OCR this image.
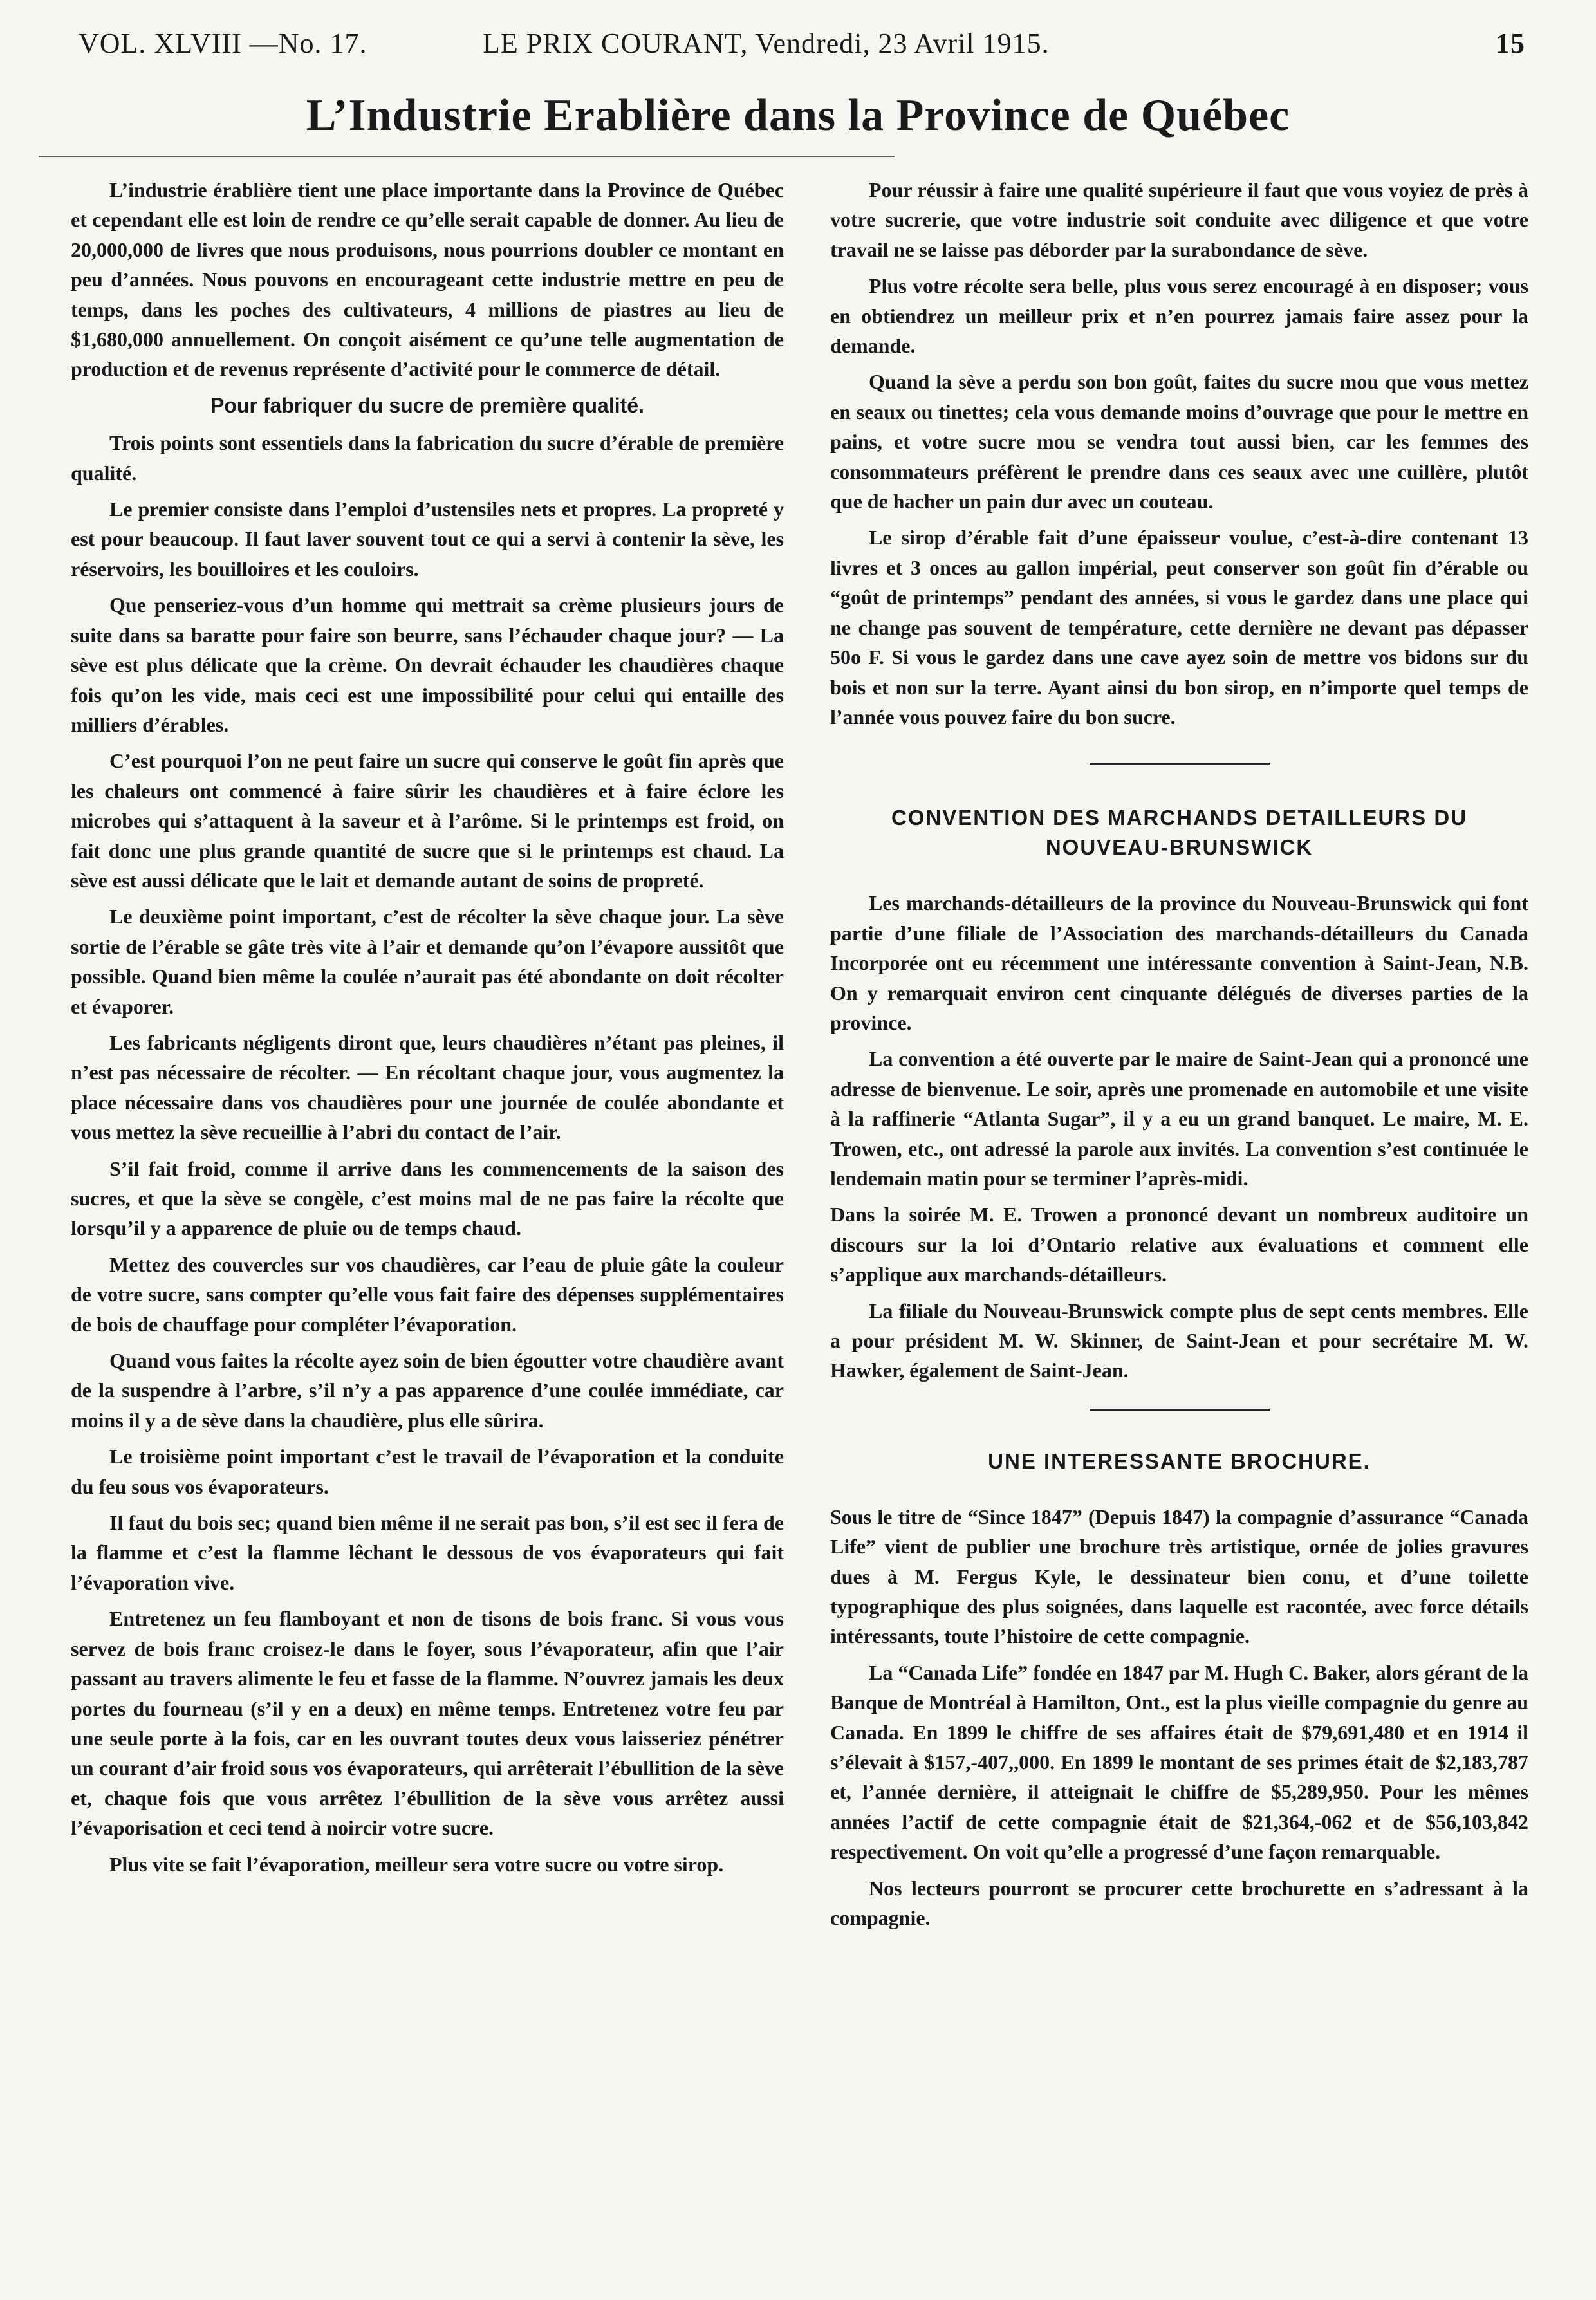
VOL. XLVIII —No. 17.	LE PRIX COURANT, Vendredi, 23 Avril 1915.	15
L’Industrie Erablière dans la Province de Québec

L’industrie érablière tient une place importante dans la Province de Québec et cependant elle est loin de rendre ce qu’elle serait capable de donner. Au lieu de 20,000,000 de livres que nous produisons, nous pourrions doubler ce montant en peu d’années. Nous pouvons en encourageant cette industrie mettre en peu de temps, dans les poches des cultivateurs, 4 millions de piastres au lieu de $1,680,000 annuellement. On conçoit aisément ce qu’une telle augmentation de production et de revenus représente d’activité pour le commerce de détail.

Pour fabriquer du sucre de première qualité.

Trois points sont essentiels dans la fabrication du sucre d’érable de première qualité.

Le premier consiste dans l’emploi d’ustensiles nets et propres. La propreté y est pour beaucoup. Il faut laver souvent tout ce qui a servi à contenir la sève, les réservoirs, les bouilloires et les couloirs.

Que penseriez-vous d’un homme qui mettrait sa crème plusieurs jours de suite dans sa baratte pour faire son beurre, sans l’échauder chaque jour? — La sève est plus délicate que la crème. On devrait échauder les chaudières chaque fois qu’on les vide, mais ceci est une impossibilité pour celui qui entaille des milliers d’érables.

C’est pourquoi l’on ne peut faire un sucre qui conserve le goût fin après que les chaleurs ont commencé à faire sûrir les chaudières et à faire éclore les microbes qui s’attaquent à la saveur et à l’arôme. Si le printemps est froid, on fait donc une plus grande quantité de sucre que si le printemps est chaud. La sève est aussi délicate que le lait et demande autant de soins de propreté.

Le deuxième point important, c’est de récolter la sève chaque jour. La sève sortie de l’érable se gâte très vite à l’air et demande qu’on l’évapore aussitôt que possible. Quand bien même la coulée n’aurait pas été abondante on doit récolter et évaporer.

Les fabricants négligents diront que, leurs chaudières n’étant pas pleines, il n’est pas nécessaire de récolter. — En récoltant chaque jour, vous augmentez la place nécessaire dans vos chaudières pour une journée de coulée abondante et vous mettez la sève recueillie à l’abri du contact de l’air.

S’il fait froid, comme il arrive dans les commencements de la saison des sucres, et que la sève se congèle, c’est moins mal de ne pas faire la récolte que lorsqu’il y a apparence de pluie ou de temps chaud.

Mettez des couvercles sur vos chaudières, car l’eau de pluie gâte la couleur de votre sucre, sans compter qu’elle vous fait faire des dépenses supplémentaires de bois de chauffage pour compléter l’évaporation.

Quand vous faites la récolte ayez soin de bien égoutter votre chaudière avant de la suspendre à l’arbre, s’il n’y a pas apparence d’une coulée immédiate, car moins il y a de sève dans la chaudière, plus elle sûrira.

Le troisième point important c’est le travail de l’évaporation et la conduite du feu sous vos évaporateurs.

Il faut du bois sec; quand bien même il ne serait pas bon, s’il est sec il fera de la flamme et c’est la flamme lêchant le dessous de vos évaporateurs qui fait l’évaporation vive.

Entretenez un feu flamboyant et non de tisons de bois franc. Si vous vous servez de bois franc croisez-le dans le foyer, sous l’évaporateur, afin que l’air passant au travers alimente le feu et fasse de la flamme. N’ouvrez jamais les deux portes du fourneau (s’il y en a deux) en même temps. Entretenez votre feu par une seule porte à la fois, car en les ouvrant toutes deux vous laisseriez pénétrer un courant d’air froid sous vos évaporateurs, qui arrêterait l’ébullition de la sève et, chaque fois que vous arrêtez l’ébullition de la sève vous arrêtez aussi l’évaporisation et ceci tend à noircir votre sucre.

Plus vite se fait l’évaporation, meilleur sera votre sucre ou votre sirop.

Pour réussir à faire une qualité supérieure il faut que vous voyiez de près à votre sucrerie, que votre industrie soit conduite avec diligence et que votre travail ne se laisse pas déborder par la surabondance de sève.

Plus votre récolte sera belle, plus vous serez encouragé à en disposer; vous en obtiendrez un meilleur prix et n’en pourrez jamais faire assez pour la demande.

Quand la sève a perdu son bon goût, faites du sucre mou que vous mettez en seaux ou tinettes; cela vous demande moins d’ouvrage que pour le mettre en pains, et votre sucre mou se vendra tout aussi bien, car les femmes des consommateurs préfèrent le prendre dans ces seaux avec une cuillère, plutôt que de hacher un pain dur avec un couteau.

Le sirop d’érable fait d’une épaisseur voulue, c’est-à-dire contenant 13 livres et 3 onces au gallon impérial, peut conserver son goût fin d’érable ou “goût de printemps” pendant des années, si vous le gardez dans une place qui ne change pas souvent de température, cette dernière ne devant pas dépasser 50o F. Si vous le gardez dans une cave ayez soin de mettre vos bidons sur du bois et non sur la terre. Ayant ainsi du bon sirop, en n’importe quel temps de l’année vous pouvez faire du bon sucre.

CONVENTION DES MARCHANDS DETAILLEURS DU NOUVEAU-BRUNSWICK

Les marchands-détailleurs de la province du Nouveau-Brunswick qui font partie d’une filiale de l’Association des marchands-détailleurs du Canada Incorporée ont eu récemment une intéressante convention à Saint-Jean, N.B. On y remarquait environ cent cinquante délégués de diverses parties de la province.

La convention a été ouverte par le maire de Saint-Jean qui a prononcé une adresse de bienvenue. Le soir, après une promenade en automobile et une visite à la raffinerie “Atlanta Sugar”, il y a eu un grand banquet. Le maire, M. E. Trowen, etc., ont adressé la parole aux invités. La convention s’est continuée le lendemain matin pour se terminer l’après-midi.

Dans la soirée M. E. Trowen a prononcé devant un nombreux auditoire un discours sur la loi d’Ontario relative aux évaluations et comment elle s’applique aux marchands-détailleurs.

La filiale du Nouveau-Brunswick compte plus de sept cents membres. Elle a pour président M. W. Skinner, de Saint-Jean et pour secrétaire M. W. Hawker, également de Saint-Jean.

UNE INTERESSANTE BROCHURE.

Sous le titre de “Since 1847” (Depuis 1847) la compagnie d’assurance “Canada Life” vient de publier une brochure très artistique, ornée de jolies gravures dues à M. Fergus Kyle, le dessinateur bien conu, et d’une toilette typographique des plus soignées, dans laquelle est racontée, avec force détails intéressants, toute l’histoire de cette compagnie.

La “Canada Life” fondée en 1847 par M. Hugh C. Baker, alors gérant de la Banque de Montréal à Hamilton, Ont., est la plus vieille compagnie du genre au Canada. En 1899 le chiffre de ses affaires était de $79,691,480 et en 1914 il s’élevait à $157,-407,,000. En 1899 le montant de ses primes était de $2,183,787 et, l’année dernière, il atteignait le chiffre de $5,289,950. Pour les mêmes années l’actif de cette compagnie était de $21,364,-062 et de $56,103,842 respectivement. On voit qu’elle a progressé d’une façon remarquable.

Nos lecteurs pourront se procurer cette brochurette en s’adressant à la compagnie.
